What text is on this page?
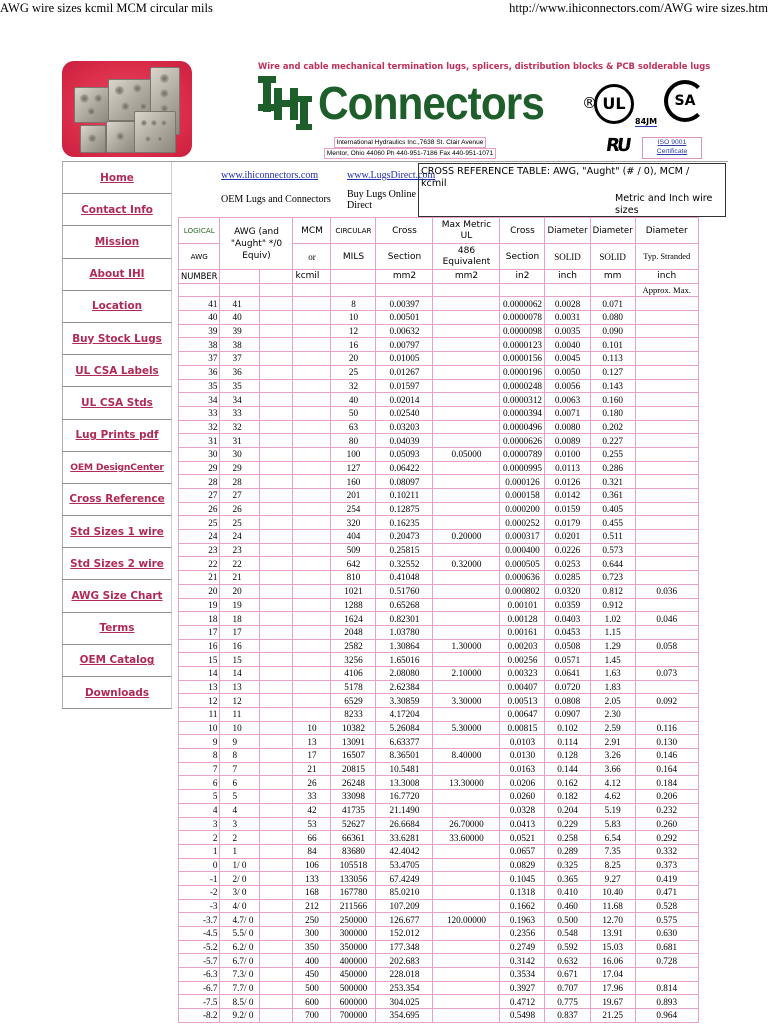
AWG wire sizes kcmil MCM circular mils	http://www.ihiconnectors.com/AWG wire sizes.htm
Wire and cable mechanical termination lugs, splicers, distribution blocks & PCB solderable lugs
Connectors
International Hydraulics Inc.,7638 St. Clair Avenue
Mentor, Ohio 44060 Ph 440-951-7186 Fax 440-951-1071
® UL
84JM
SA
RU	ISO 9001
Certificate
Home
Contact Info
Mission
About IHI
Location
Buy Stock Lugs
UL CSA Labels
UL CSA Stds
Lug Prints pdf
OEM DesignCenter
Cross Reference
Std Sizes 1 wire
Std Sizes 2 wire
AWG Size Chart
Terms
OEM Catalog
Downloads
www.ihiconnectors.com	www.LugsDirect.com
OEM Lugs and Connectors Buy Lugs Online Direct
CROSS REFERENCE TABLE: AWG, "Aught" (# / 0), MCM / kcmil
Metric and Inch wire sizes
LOGICAL	AWG (and "Aught" */0 Equiv)		MCM	CIRCULAR	Cross	Max Metric UL	Cross	Diameter	Diameter	Diameter
AWG			or	MILS	Section	486 Equivalent	Section	SOLID	SOLID	Typ. Stranded
NUMBER			kcmil		mm2	mm2	in2	inch	mm	inch
										Approx. Max.
41	41			8	0.00397		0.0000062	0.0028	0.071	
40	40			10	0.00501		0.0000078	0.0031	0.080	
39	39			12	0.00632		0.0000098	0.0035	0.090	
38	38			16	0.00797		0.0000123	0.0040	0.101	
37	37			20	0.01005		0.0000156	0.0045	0.113	
36	36			25	0.01267		0.0000196	0.0050	0.127	
35	35			32	0.01597		0.0000248	0.0056	0.143	
34	34			40	0.02014		0.0000312	0.0063	0.160	
33	33			50	0.02540		0.0000394	0.0071	0.180	
32	32			63	0.03203		0.0000496	0.0080	0.202	
31	31			80	0.04039		0.0000626	0.0089	0.227	
30	30			100	0.05093	0.05000	0.0000789	0.0100	0.255	
29	29			127	0.06422		0.0000995	0.0113	0.286	
28	28			160	0.08097		0.000126	0.0126	0.321	
27	27			201	0.10211		0.000158	0.0142	0.361	
26	26			254	0.12875		0.000200	0.0159	0.405	
25	25			320	0.16235		0.000252	0.0179	0.455	
24	24			404	0.20473	0.20000	0.000317	0.0201	0.511	
23	23			509	0.25815		0.000400	0.0226	0.573	
22	22			642	0.32552	0.32000	0.000505	0.0253	0.644	
21	21			810	0.41048		0.000636	0.0285	0.723	
20	20			1021	0.51760		0.000802	0.0320	0.812	0.036
19	19			1288	0.65268		0.00101	0.0359	0.912	
18	18			1624	0.82301		0.00128	0.0403	1.02	0.046
17	17			2048	1.03780		0.00161	0.0453	1.15	
16	16			2582	1.30864	1.30000	0.00203	0.0508	1.29	0.058
15	15			3256	1.65016		0.00256	0.0571	1.45	
14	14			4106	2.08080	2.10000	0.00323	0.0641	1.63	0.073
13	13			5178	2.62384		0.00407	0.0720	1.83	
12	12			6529	3.30859	3.30000	0.00513	0.0808	2.05	0.092
11	11			8233	4.17204		0.00647	0.0907	2.30	
10	10		10	10382	5.26084	5.30000	0.00815	0.102	2.59	0.116
9	9		13	13091	6.63377		0.0103	0.114	2.91	0.130
8	8		17	16507	8.36501	8.40000	0.0130	0.128	3.26	0.146
7	7		21	20815	10.5481		0.0163	0.144	3.66	0.164
6	6		26	26248	13.3008	13.30000	0.0206	0.162	4.12	0.184
5	5		33	33098	16.7720		0.0260	0.182	4.62	0.206
4	4		42	41735	21.1490		0.0328	0.204	5.19	0.232
3	3		53	52627	26.6684	26.70000	0.0413	0.229	5.83	0.260
2	2		66	66361	33.6281	33.60000	0.0521	0.258	6.54	0.292
1	1		84	83680	42.4042		0.0657	0.289	7.35	0.332
0	1/ 0		106	105518	53.4705		0.0829	0.325	8.25	0.373
-1	2/ 0		133	133056	67.4249		0.1045	0.365	9.27	0.419
-2	3/ 0		168	167780	85.0210		0.1318	0.410	10.40	0.471
-3	4/ 0		212	211566	107.209		0.1662	0.460	11.68	0.528
-3.7	4.7/ 0		250	250000	126.677	120.00000	0.1963	0.500	12.70	0.575
-4.5	5.5/ 0		300	300000	152.012		0.2356	0.548	13.91	0.630
-5.2	6.2/ 0		350	350000	177.348		0.2749	0.592	15.03	0.681
-5.7	6.7/ 0		400	400000	202.683		0.3142	0.632	16.06	0.728
-6.3	7.3/ 0		450	450000	228.018		0.3534	0.671	17.04	
-6.7	7.7/ 0		500	500000	253.354		0.3927	0.707	17.96	0.814
-7.5	8.5/ 0		600	600000	304.025		0.4712	0.775	19.67	0.893
-8.2	9.2/ 0		700	700000	354.695		0.5498	0.837	21.25	0.964
